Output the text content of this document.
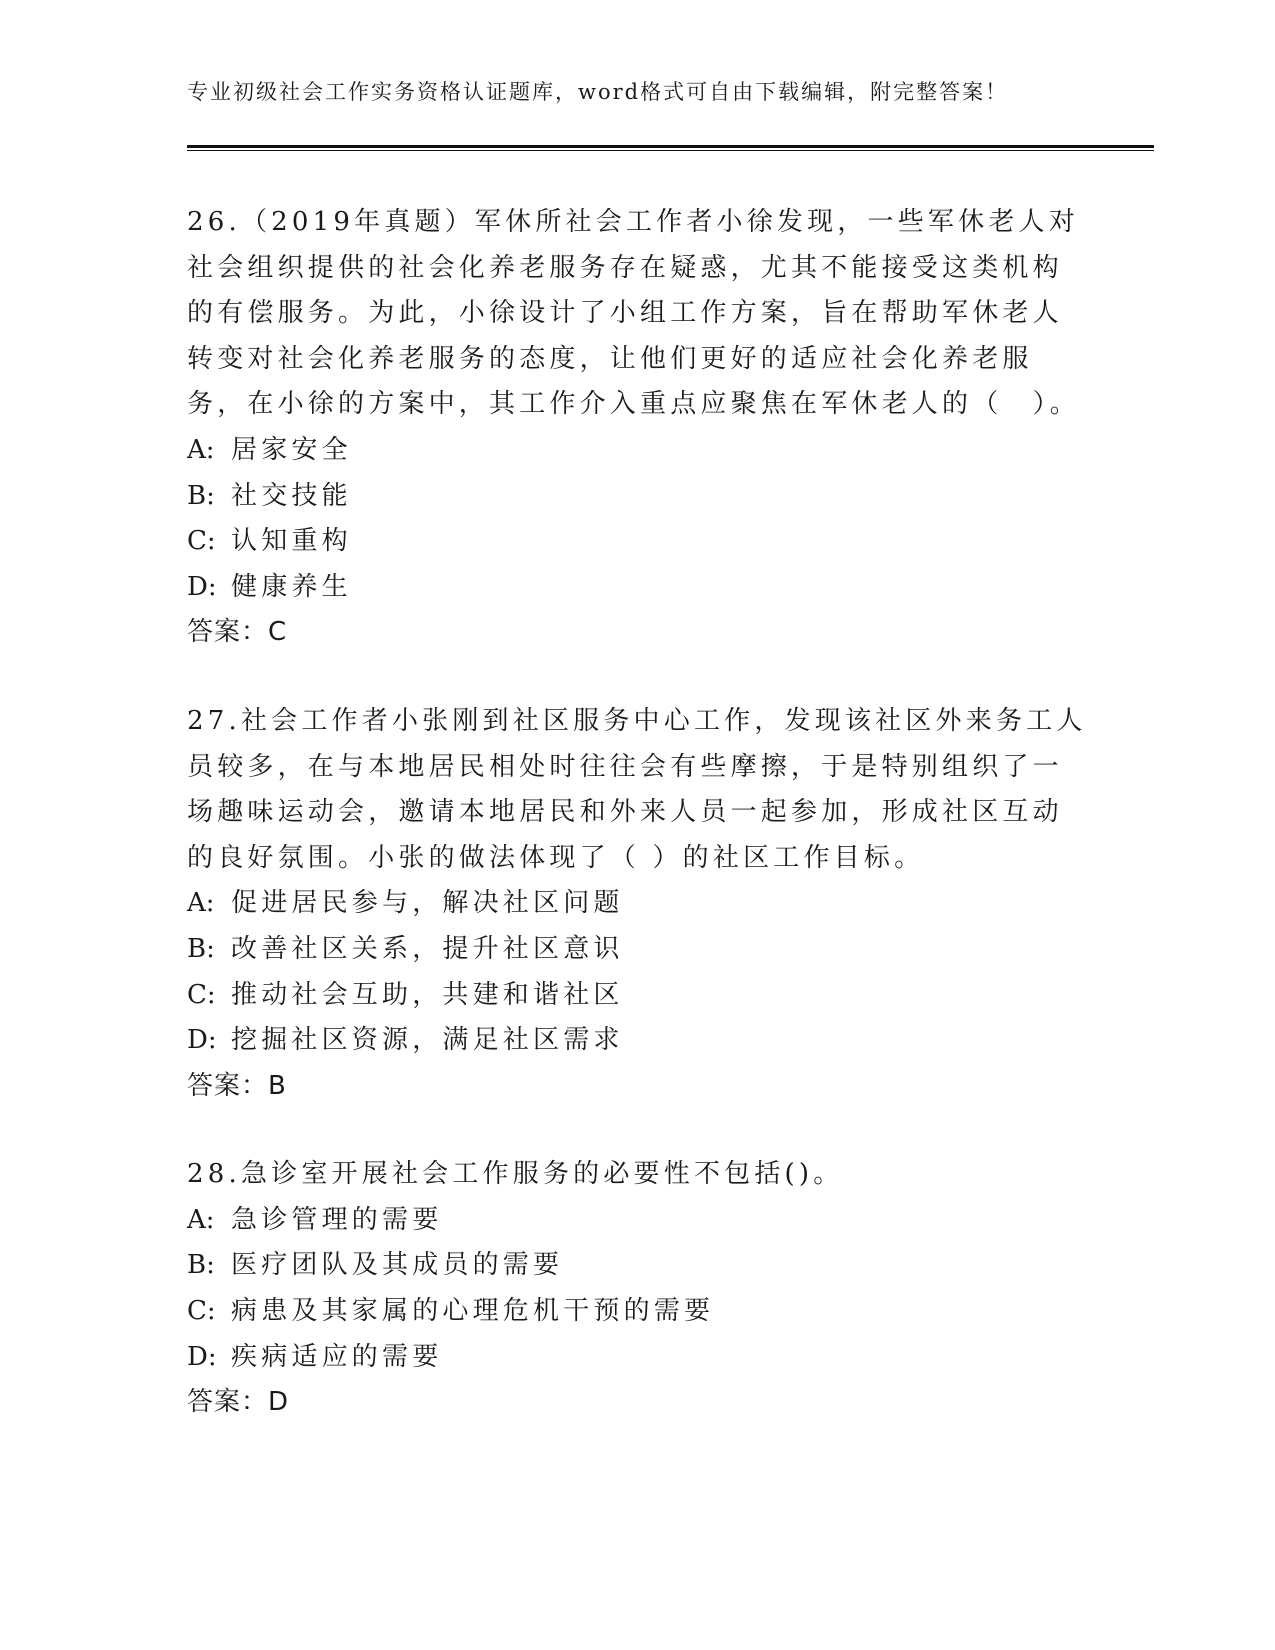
专业初级社会工作实务资格认证题库，word格式可自由下载编辑，附完整答案！
26.（2019年真题）军休所社会工作者小徐发现，一些军休老人对社会组织提供的社会化养老服务存在疑惑，尤其不能接受这类机构的有偿服务。为此，小徐设计了小组工作方案，旨在帮助军休老人转变对社会化养老服务的态度，让他们更好的适应社会化养老服务，在小徐的方案中，其工作介入重点应聚焦在军休老人的（　）。
A: 居家安全
B: 社交技能
C: 认知重构
D: 健康养生
答案：C
27.社会工作者小张刚到社区服务中心工作，发现该社区外来务工人员较多，在与本地居民相处时往往会有些摩擦，于是特别组织了一场趣味运动会，邀请本地居民和外来人员一起参加，形成社区互动的良好氛围。小张的做法体现了（ ）的社区工作目标。
A: 促进居民参与，解决社区问题
B: 改善社区关系，提升社区意识
C: 推动社会互助，共建和谐社区
D: 挖掘社区资源，满足社区需求
答案：B
28.急诊室开展社会工作服务的必要性不包括()。
A: 急诊管理的需要
B: 医疗团队及其成员的需要
C: 病患及其家属的心理危机干预的需要
D: 疾病适应的需要
答案：D
